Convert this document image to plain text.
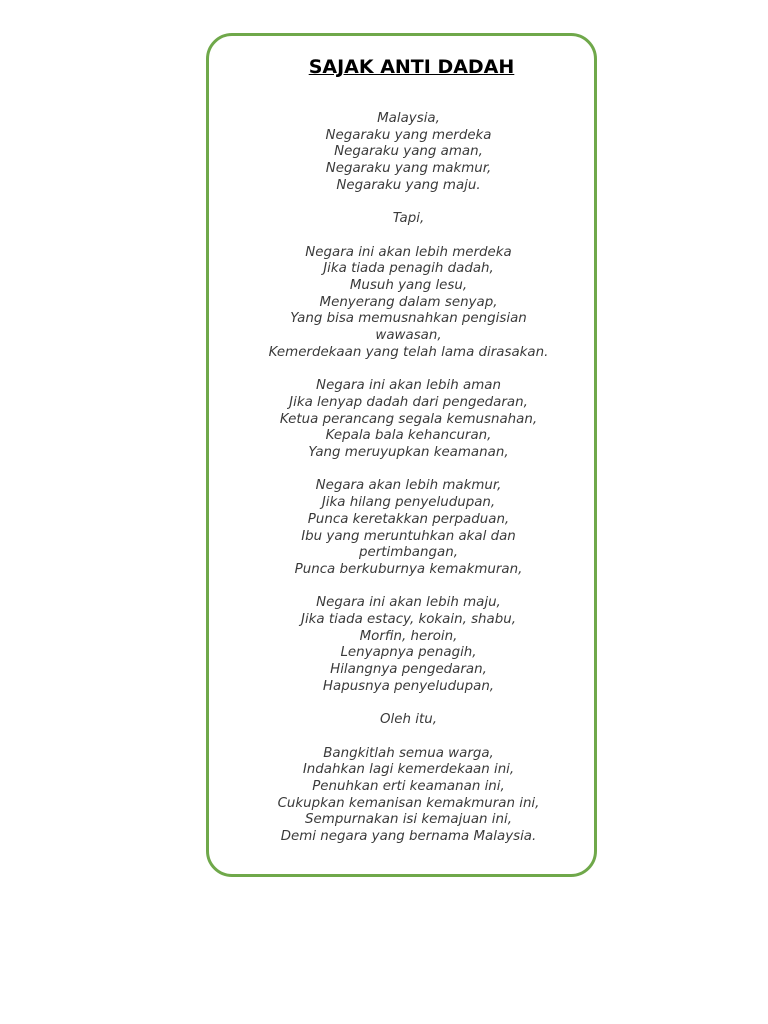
SAJAK ANTI DADAH
Malaysia,
Negaraku yang merdeka
Negaraku yang aman,
Negaraku yang makmur,
Negaraku yang maju.
Tapi,
Negara ini akan lebih merdeka
Jika tiada penagih dadah,
Musuh yang lesu,
Menyerang dalam senyap,
Yang bisa memusnahkan pengisian
wawasan,
Kemerdekaan yang telah lama dirasakan.
Negara ini akan lebih aman
Jika lenyap dadah dari pengedaran,
Ketua perancang segala kemusnahan,
Kepala bala kehancuran,
Yang meruyupkan keamanan,
Negara akan lebih makmur,
Jika hilang penyeludupan,
Punca keretakkan perpaduan,
Ibu yang meruntuhkan akal dan
pertimbangan,
Punca berkuburnya kemakmuran,
Negara ini akan lebih maju,
Jika tiada estacy, kokain, shabu,
Morfin, heroin,
Lenyapnya penagih,
Hilangnya pengedaran,
Hapusnya penyeludupan,
Oleh itu,
Bangkitlah semua warga,
Indahkan lagi kemerdekaan ini,
Penuhkan erti keamanan ini,
Cukupkan kemanisan kemakmuran ini,
Sempurnakan isi kemajuan ini,
Demi negara yang bernama Malaysia.
